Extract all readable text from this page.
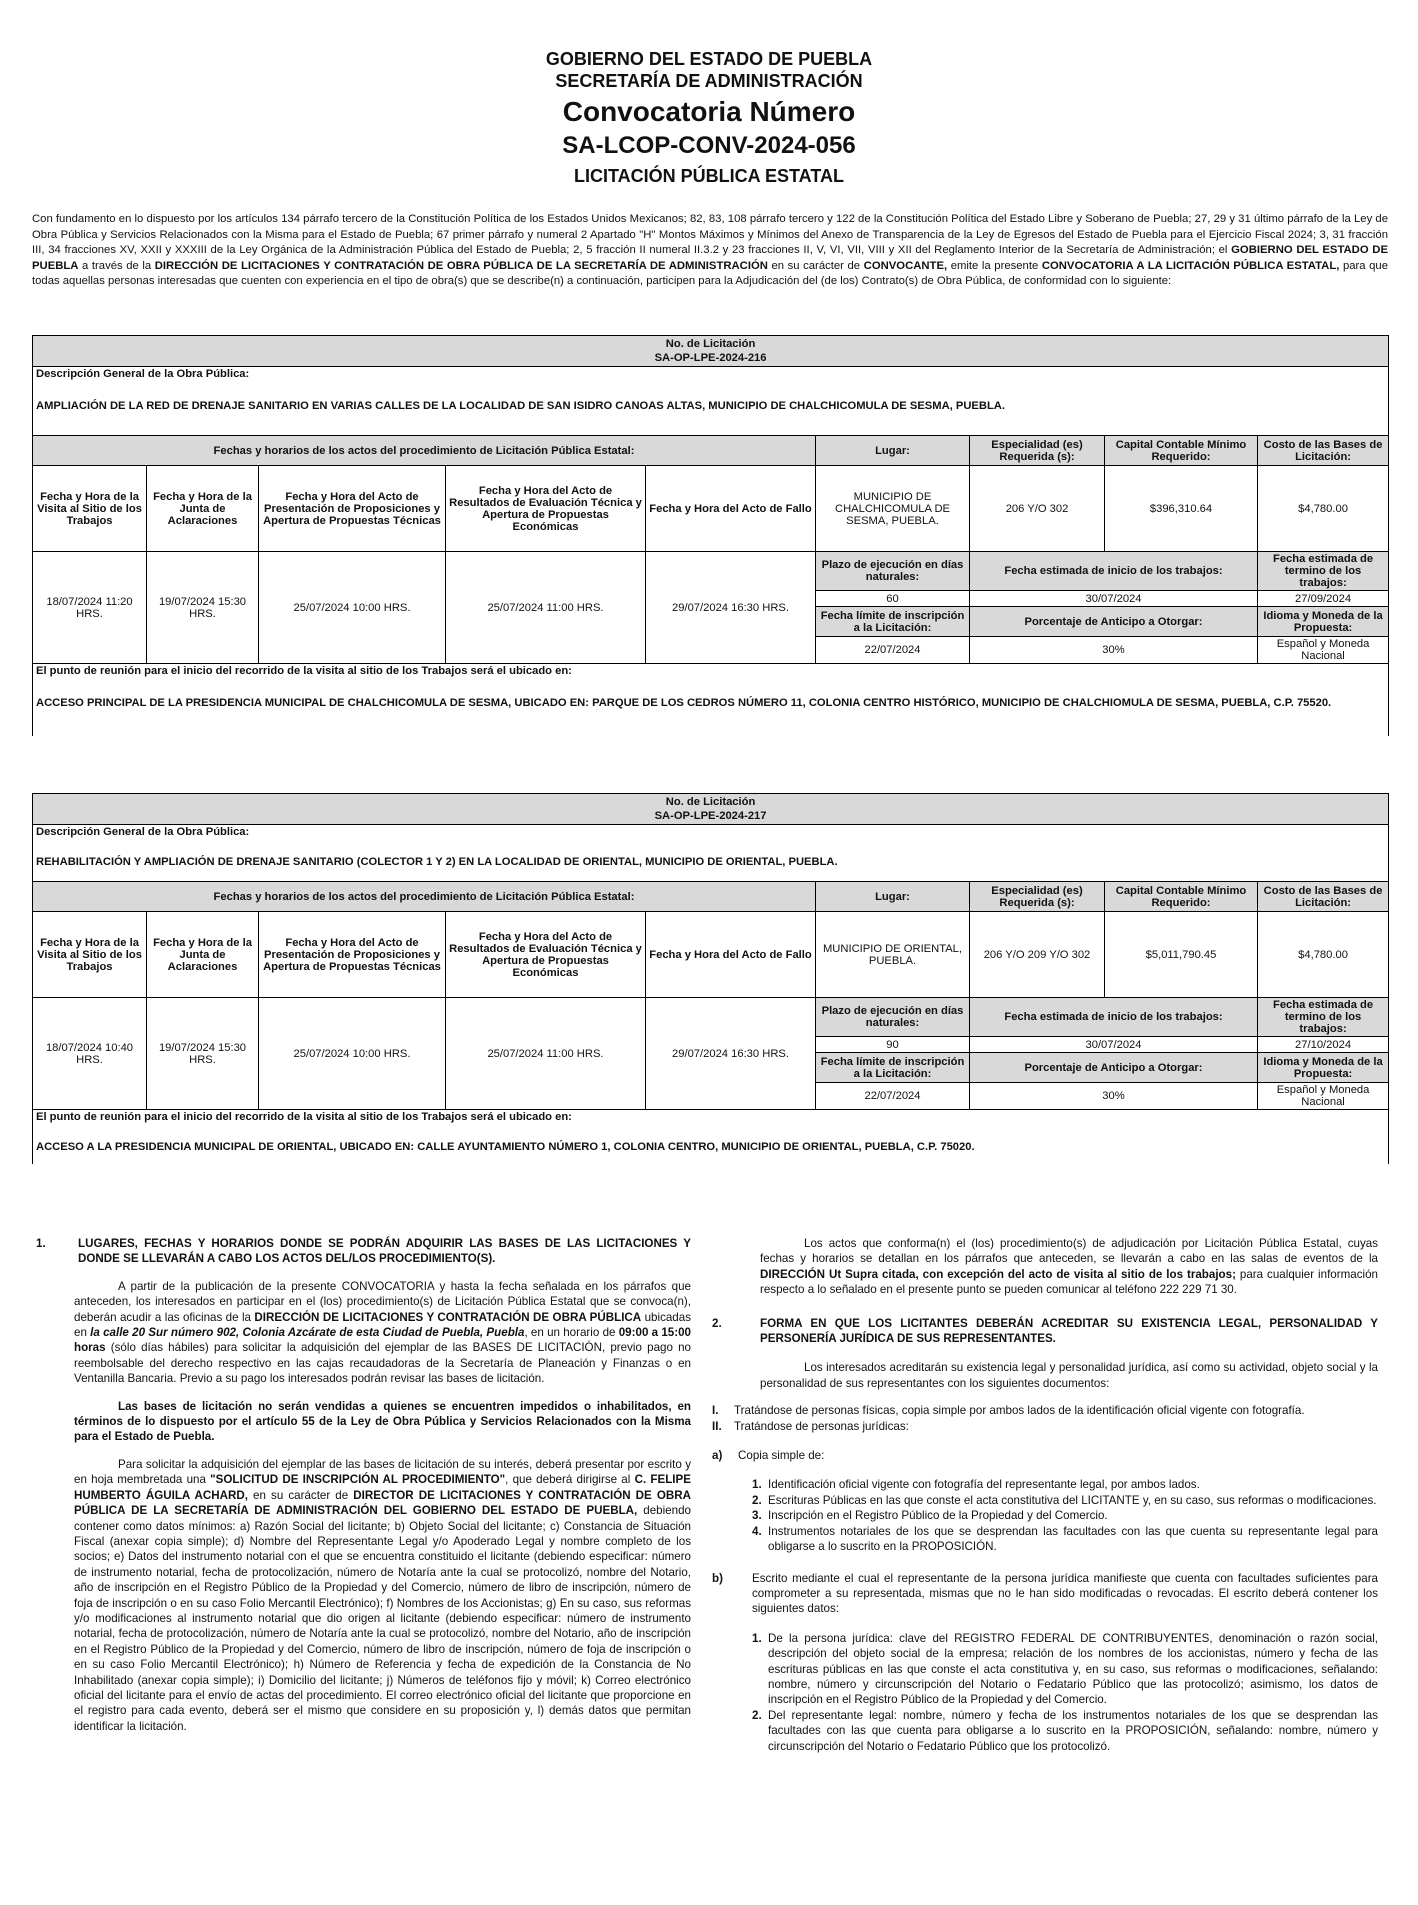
GOBIERNO DEL ESTADO DE PUEBLA
SECRETARÍA DE ADMINISTRACIÓN
Convocatoria Número
SA-LCOP-CONV-2024-056
LICITACIÓN PÚBLICA ESTATAL
Con fundamento en lo dispuesto por los artículos 134 párrafo tercero de la Constitución Política de los Estados Unidos Mexicanos; 82, 83, 108 párrafo tercero y 122 de la Constitución Política del Estado Libre y Soberano de Puebla; 27, 29 y 31 último párrafo de la Ley de Obra Pública y Servicios Relacionados con la Misma para el Estado de Puebla; 67 primer párrafo y numeral 2 Apartado "H" Montos Máximos y Mínimos del Anexo de Transparencia de la Ley de Egresos del Estado de Puebla para el Ejercicio Fiscal 2024; 3, 31 fracción III, 34 fracciones XV, XXII y XXXIII de la Ley Orgánica de la Administración Pública del Estado de Puebla; 2, 5 fracción II numeral II.3.2 y 23 fracciones II, V, VI, VII, VIII y XII del Reglamento Interior de la Secretaría de Administración; el GOBIERNO DEL ESTADO DE PUEBLA a través de la DIRECCIÓN DE LICITACIONES Y CONTRATACIÓN DE OBRA PÚBLICA DE LA SECRETARÍA DE ADMINISTRACIÓN en su carácter de CONVOCANTE, emite la presente CONVOCATORIA A LA LICITACIÓN PÚBLICA ESTATAL, para que todas aquellas personas interesadas que cuenten con experiencia en el tipo de obra(s) que se describe(n) a continuación, participen para la Adjudicación del (de los) Contrato(s) de Obra Pública, de conformidad con lo siguiente:
No. de Licitación
SA-OP-LPE-2024-216								

Descripción General de la Obra Pública:
AMPLIACIÓN DE LA RED DE DRENAJE SANITARIO EN VARIAS CALLES DE LA LOCALIDAD DE SAN ISIDRO CANOAS ALTAS, MUNICIPIO DE CHALCHICOMULA DE SESMA, PUEBLA.								

Fechas y horarios de los actos del procedimiento de Licitación Pública Estatal:					Lugar:	Especialidad (es) Requerida (s):	Capital Contable Mínimo Requerido:	Costo de las Bases de Licitación:
Fecha y Hora de la Visita al Sitio de los Trabajos	Fecha y Hora de la Junta de Aclaraciones	Fecha y Hora del Acto de Presentación de Proposiciones y Apertura de Propuestas Técnicas	Fecha y Hora del Acto de Resultados de Evaluación Técnica y Apertura de Propuestas Económicas	Fecha y Hora del Acto de Fallo	MUNICIPIO DE CHALCHICOMULA DE SESMA, PUEBLA.	206 Y/O 302	$396,310.64	$4,780.00
18/07/2024 11:20 HRS.	19/07/2024 15:30 HRS.	25/07/2024 10:00 HRS.	25/07/2024 11:00 HRS.	29/07/2024 16:30 HRS.	Plazo de ejecución en días naturales:	Fecha estimada de inicio de los trabajos:		Fecha estimada de termino de los trabajos:
					60	30/07/2024		27/09/2024
					Fecha límite de inscripción a la Licitación:	Porcentaje de Anticipo a Otorgar:		Idioma y Moneda de la Propuesta:
					22/07/2024	30%		Español y Moneda Nacional

El punto de reunión para el inicio del recorrido de la visita al sitio de los Trabajos será el ubicado en:
ACCESO PRINCIPAL DE LA PRESIDENCIA MUNICIPAL DE CHALCHICOMULA DE SESMA, UBICADO EN: PARQUE DE LOS CEDROS NÚMERO 11, COLONIA CENTRO HISTÓRICO, MUNICIPIO DE CHALCHIOMULA DE SESMA, PUEBLA, C.P. 75520.								
No. de Licitación
SA-OP-LPE-2024-217								

Descripción General de la Obra Pública:
REHABILITACIÓN Y AMPLIACIÓN DE DRENAJE SANITARIO (COLECTOR 1 Y 2) EN LA LOCALIDAD DE ORIENTAL, MUNICIPIO DE ORIENTAL, PUEBLA.								

Fechas y horarios de los actos del procedimiento de Licitación Pública Estatal:					Lugar:	Especialidad (es) Requerida (s):	Capital Contable Mínimo Requerido:	Costo de las Bases de Licitación:
Fecha y Hora de la Visita al Sitio de los Trabajos	Fecha y Hora de la Junta de Aclaraciones	Fecha y Hora del Acto de Presentación de Proposiciones y Apertura de Propuestas Técnicas	Fecha y Hora del Acto de Resultados de Evaluación Técnica y Apertura de Propuestas Económicas	Fecha y Hora del Acto de Fallo	MUNICIPIO DE ORIENTAL, PUEBLA.	206 Y/O 209 Y/O 302	$5,011,790.45	$4,780.00
18/07/2024 10:40 HRS.	19/07/2024 15:30 HRS.	25/07/2024 10:00 HRS.	25/07/2024 11:00 HRS.	29/07/2024 16:30 HRS.	Plazo de ejecución en días naturales:	Fecha estimada de inicio de los trabajos:		Fecha estimada de termino de los trabajos:
					90	30/07/2024		27/10/2024
					Fecha límite de inscripción a la Licitación:	Porcentaje de Anticipo a Otorgar:		Idioma y Moneda de la Propuesta:
					22/07/2024	30%		Español y Moneda Nacional

El punto de reunión para el inicio del recorrido de la visita al sitio de los Trabajos será el ubicado en:
ACCESO A LA PRESIDENCIA MUNICIPAL DE ORIENTAL, UBICADO EN: CALLE AYUNTAMIENTO NÚMERO 1, COLONIA CENTRO, MUNICIPIO DE ORIENTAL, PUEBLA, C.P. 75020.								

1.	LUGARES, FECHAS Y HORARIOS DONDE SE PODRÁN ADQUIRIR LAS BASES DE LAS LICITACIONES Y DONDE SE LLEVARÁN A CABO LOS ACTOS DEL/LOS PROCEDIMIENTO(S).

A partir de la publicación de la presente CONVOCATORIA y hasta la fecha señalada en los párrafos que anteceden, los interesados en participar en el (los) procedimiento(s) de Licitación Pública Estatal que se convoca(n), deberán acudir a las oficinas de la DIRECCIÓN DE LICITACIONES Y CONTRATACIÓN DE OBRA PÚBLICA ubicadas en la calle 20 Sur número 902, Colonia Azcárate de esta Ciudad de Puebla, Puebla, en un horario de 09:00 a 15:00 horas (sólo días hábiles) para solicitar la adquisición del ejemplar de las BASES DE LICITACIÓN, previo pago no reembolsable del derecho respectivo en las cajas recaudadoras de la Secretaría de Planeación y Finanzas o en Ventanilla Bancaria. Previo a su pago los interesados podrán revisar las bases de licitación.

Las bases de licitación no serán vendidas a quienes se encuentren impedidos o inhabilitados, en términos de lo dispuesto por el artículo 55 de la Ley de Obra Pública y Servicios Relacionados con la Misma para el Estado de Puebla.

Para solicitar la adquisición del ejemplar de las bases de licitación de su interés, deberá presentar por escrito y en hoja membretada una "SOLICITUD DE INSCRIPCIÓN AL PROCEDIMIENTO", que deberá dirigirse al C. FELIPE HUMBERTO ÁGUILA ACHARD, en su carácter de DIRECTOR DE LICITACIONES Y CONTRATACIÓN DE OBRA PÚBLICA DE LA SECRETARÍA DE ADMINISTRACIÓN DEL GOBIERNO DEL ESTADO DE PUEBLA, debiendo contener como datos mínimos: a) Razón Social del licitante; b) Objeto Social del licitante; c) Constancia de Situación Fiscal (anexar copia simple); d) Nombre del Representante Legal y/o Apoderado Legal y nombre completo de los socios; e) Datos del instrumento notarial con el que se encuentra constituido el licitante (debiendo especificar: número de instrumento notarial, fecha de protocolización, número de Notaría ante la cual se protocolizó, nombre del Notario, año de inscripción en el Registro Público de la Propiedad y del Comercio, número de libro de inscripción, número de foja de inscripción o en su caso Folio Mercantil Electrónico); f) Nombres de los Accionistas; g) En su caso, sus reformas y/o modificaciones al instrumento notarial que dio origen al licitante (debiendo especificar: número de instrumento notarial, fecha de protocolización, número de Notaría ante la cual se protocolizó, nombre del Notario, año de inscripción en el Registro Público de la Propiedad y del Comercio, número de libro de inscripción, número de foja de inscripción o en su caso Folio Mercantil Electrónico); h) Número de Referencia y fecha de expedición de la Constancia de No Inhabilitado (anexar copia simple); i) Domicilio del licitante; j) Números de teléfonos fijo y móvil; k) Correo electrónico oficial del licitante para el envío de actas del procedimiento. El correo electrónico oficial del licitante que proporcione en el registro para cada evento, deberá ser el mismo que considere en su proposición y, l) demás datos que permitan identificar la licitación.

Los actos que conforma(n) el (los) procedimiento(s) de adjudicación por Licitación Pública Estatal, cuyas fechas y horarios se detallan en los párrafos que anteceden, se llevarán a cabo en las salas de eventos de la DIRECCIÓN Ut Supra citada, con excepción del acto de visita al sitio de los trabajos; para cualquier información respecto a lo señalado en el presente punto se pueden comunicar al teléfono 222 229 71 30.

2.	FORMA EN QUE LOS LICITANTES DEBERÁN ACREDITAR SU EXISTENCIA LEGAL, PERSONALIDAD Y PERSONERÍA JURÍDICA DE SUS REPRESENTANTES.

Los interesados acreditarán su existencia legal y personalidad jurídica, así como su actividad, objeto social y la personalidad de sus representantes con los siguientes documentos:

I.	Tratándose de personas físicas, copia simple por ambos lados de la identificación oficial vigente con fotografía.
II.	Tratándose de personas jurídicas:
a)	Copia simple de:
1. Identificación oficial vigente con fotografía del representante legal, por ambos lados.
2. Escrituras Públicas en las que conste el acta constitutiva del LICITANTE y, en su caso, sus reformas o modificaciones.
3. Inscripción en el Registro Público de la Propiedad y del Comercio.
4. Instrumentos notariales de los que se desprendan las facultades con las que cuenta su representante legal para obligarse a lo suscrito en la PROPOSICIÓN.
b)	Escrito mediante el cual el representante de la persona jurídica manifieste que cuenta con facultades suficientes para comprometer a su representada, mismas que no le han sido modificadas o revocadas. El escrito deberá contener los siguientes datos:
1. De la persona jurídica: clave del REGISTRO FEDERAL DE CONTRIBUYENTES, denominación o razón social, descripción del objeto social de la empresa; relación de los nombres de los accionistas, número y fecha de las escrituras públicas en las que conste el acta constitutiva y, en su caso, sus reformas o modificaciones, señalando: nombre, número y circunscripción del Notario o Fedatario Público que las protocolizó; asimismo, los datos de inscripción en el Registro Público de la Propiedad y del Comercio.
2. Del representante legal: nombre, número y fecha de los instrumentos notariales de los que se desprendan las facultades con las que cuenta para obligarse a lo suscrito en la PROPOSICIÓN, señalando: nombre, número y circunscripción del Notario o Fedatario Público que los protocolizó.
